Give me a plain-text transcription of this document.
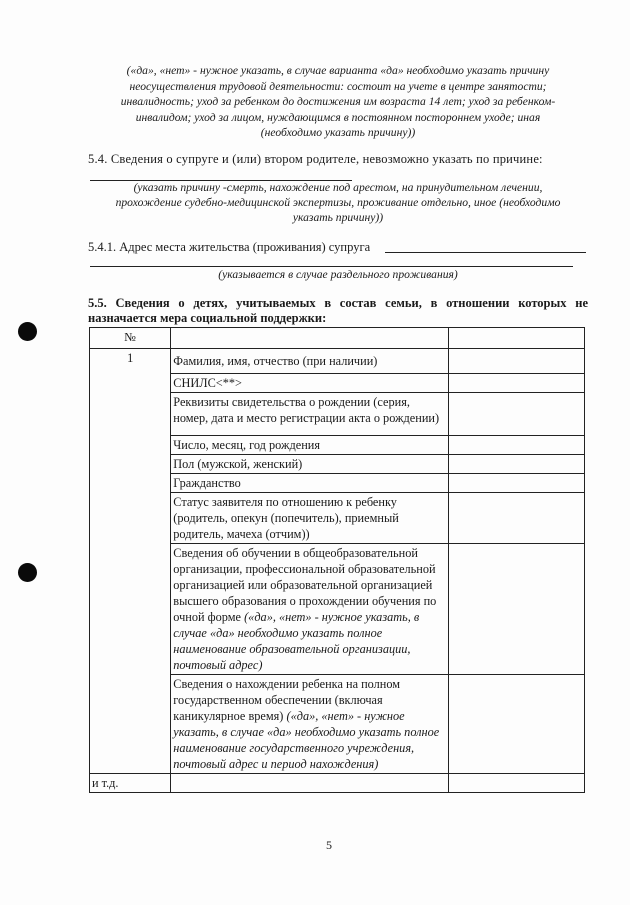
(«да», «нет» - нужное указать, в случае варианта «да» необходимо указать причину
неосуществления трудовой деятельности: состоит на учете в центре занятости;
инвалидность; уход за ребенком до достижения им возраста 14 лет; уход за ребенком-
инвалидом; уход за лицом, нуждающимся в постоянном постороннем уходе; иная
(необходимо указать причину))
5.4. Сведения о супруге и (или) втором родителе, невозможно указать по причине:
(указать причину -смерть, нахождение под арестом, на принудительном лечении,
прохождение судебно-медицинской экспертизы, проживание отдельно, иное (необходимо
указать причину))
5.4.1. Адрес места жительства (проживания) супруга
(указывается в случае раздельного проживания)
5.5. Сведения о детях, учитываемых в состав семьи, в отношении которых не
назначается мера социальной поддержки:
№		
1	Фамилия, имя, отчество (при наличии)	
	СНИЛС<**>	
	Реквизиты свидетельства о рождении (серия, номер, дата и место регистрации акта о рождении)	
	Число, месяц, год рождения	
	Пол (мужской, женский)	
	Гражданство	
	Статус заявителя по отношению к ребенку (родитель, опекун (попечитель), приемный родитель, мачеха (отчим))	
	Сведения об обучении в общеобразовательной организации, профессиональной образовательной организацией или образовательной организацией высшего образования о прохождении обучения по очной форме («да», «нет» - нужное указать, в случае «да» необходимо указать полное наименование образовательной организации, почтовый адрес)	
	Сведения о нахождении ребенка на полном государственном обеспечении (включая каникулярное время) («да», «нет» - нужное указать, в случае «да» необходимо указать полное наименование государственного учреждения, почтовый адрес и период нахождения)	
и т.д.		
5
